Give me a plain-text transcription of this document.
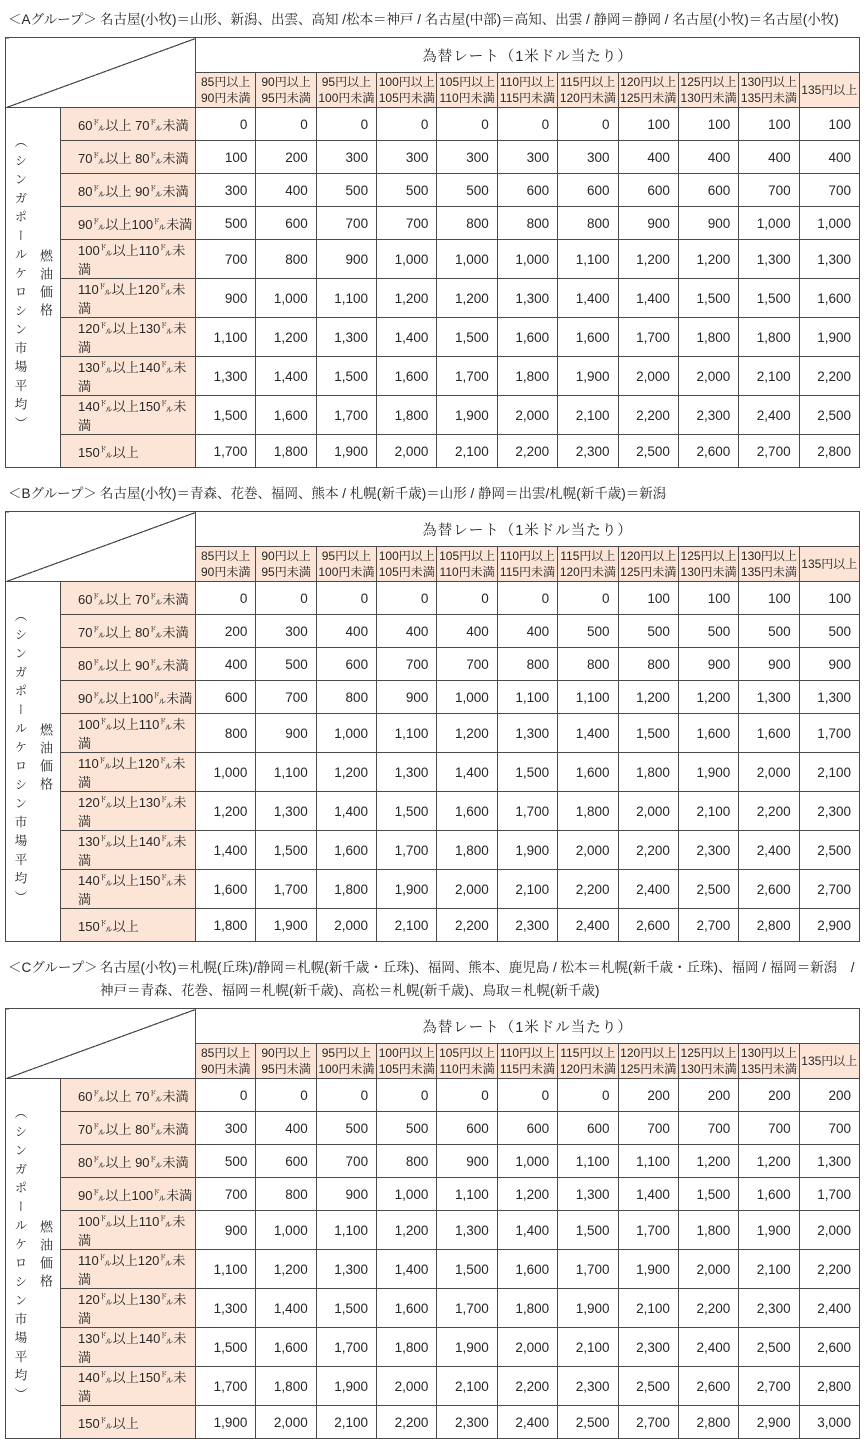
＜Aグループ＞ 名古屋(小牧)＝山形、新潟、出雲、高知 /松本＝神戸 / 名古屋(中部)＝高知、出雲 / 静岡＝静岡 / 名古屋(小牧)＝名古屋(小牧)

		為替レート（1米ドル当たり）										

85円以上
90円未満

90円以上
95円未満

95円以上
100円未満

100円以上
105円未満

105円以上
110円未満

110円以上
115円未満

115円以上
120円未満

120円以上
125円未満

125円以上
130円未満

130円以上
135円未満

135円以上

燃油価格
（シンガポールケロシン市場平均）	60㌦以上 70㌦未満	0	0	0	0	0	0	0	100	100	100	100
	70㌦以上 80㌦未満	100	200	300	300	300	300	300	400	400	400	400
	80㌦以上 90㌦未満	300	400	500	500	500	600	600	600	600	700	700
	90㌦以上100㌦未満	500	600	700	700	800	800	800	900	900	1,000	1,000
	100㌦以上110㌦未満	700	800	900	1,000	1,000	1,000	1,100	1,200	1,200	1,300	1,300
	110㌦以上120㌦未満	900	1,000	1,100	1,200	1,200	1,300	1,400	1,400	1,500	1,500	1,600
	120㌦以上130㌦未満	1,100	1,200	1,300	1,400	1,500	1,600	1,600	1,700	1,800	1,800	1,900
	130㌦以上140㌦未満	1,300	1,400	1,500	1,600	1,700	1,800	1,900	2,000	2,000	2,100	2,200
	140㌦以上150㌦未満	1,500	1,600	1,700	1,800	1,900	2,000	2,100	2,200	2,300	2,400	2,500
	150㌦以上	1,700	1,800	1,900	2,000	2,100	2,200	2,300	2,500	2,600	2,700	2,800

＜Bグループ＞ 名古屋(小牧)＝青森、花巻、福岡、熊本 / 札幌(新千歳)＝山形 / 静岡＝出雲/札幌(新千歳)＝新潟

		為替レート（1米ドル当たり）										

85円以上
90円未満

90円以上
95円未満

95円以上
100円未満

100円以上
105円未満

105円以上
110円未満

110円以上
115円未満

115円以上
120円未満

120円以上
125円未満

125円以上
130円未満

130円以上
135円未満

135円以上

燃油価格
（シンガポールケロシン市場平均）	60㌦以上 70㌦未満	0	0	0	0	0	0	0	100	100	100	100
	70㌦以上 80㌦未満	200	300	400	400	400	400	500	500	500	500	500
	80㌦以上 90㌦未満	400	500	600	700	700	800	800	800	900	900	900
	90㌦以上100㌦未満	600	700	800	900	1,000	1,100	1,100	1,200	1,200	1,300	1,300
	100㌦以上110㌦未満	800	900	1,000	1,100	1,200	1,300	1,400	1,500	1,600	1,600	1,700
	110㌦以上120㌦未満	1,000	1,100	1,200	1,300	1,400	1,500	1,600	1,800	1,900	2,000	2,100
	120㌦以上130㌦未満	1,200	1,300	1,400	1,500	1,600	1,700	1,800	2,000	2,100	2,200	2,300
	130㌦以上140㌦未満	1,400	1,500	1,600	1,700	1,800	1,900	2,000	2,200	2,300	2,400	2,500
	140㌦以上150㌦未満	1,600	1,700	1,800	1,900	2,000	2,100	2,200	2,400	2,500	2,600	2,700
	150㌦以上	1,800	1,900	2,000	2,100	2,200	2,300	2,400	2,600	2,700	2,800	2,900

＜Cグループ＞ 名古屋(小牧)＝札幌(丘珠)/静岡＝札幌(新千歳・丘珠)、福岡、熊本、鹿児島 / 松本＝札幌(新千歳・丘珠)、福岡 / 福岡＝新潟　/
神戸＝青森、花巻、福岡＝札幌(新千歳)、高松＝札幌(新千歳)、鳥取＝札幌(新千歳)

		為替レート（1米ドル当たり）										

85円以上
90円未満

90円以上
95円未満

95円以上
100円未満

100円以上
105円未満

105円以上
110円未満

110円以上
115円未満

115円以上
120円未満

120円以上
125円未満

125円以上
130円未満

130円以上
135円未満

135円以上

燃油価格
（シンガポールケロシン市場平均）	60㌦以上 70㌦未満	0	0	0	0	0	0	0	200	200	200	200
	70㌦以上 80㌦未満	300	400	500	500	600	600	600	700	700	700	700
	80㌦以上 90㌦未満	500	600	700	800	900	1,000	1,100	1,100	1,200	1,200	1,300
	90㌦以上100㌦未満	700	800	900	1,000	1,100	1,200	1,300	1,400	1,500	1,600	1,700
	100㌦以上110㌦未満	900	1,000	1,100	1,200	1,300	1,400	1,500	1,700	1,800	1,900	2,000
	110㌦以上120㌦未満	1,100	1,200	1,300	1,400	1,500	1,600	1,700	1,900	2,000	2,100	2,200
	120㌦以上130㌦未満	1,300	1,400	1,500	1,600	1,700	1,800	1,900	2,100	2,200	2,300	2,400
	130㌦以上140㌦未満	1,500	1,600	1,700	1,800	1,900	2,000	2,100	2,300	2,400	2,500	2,600
	140㌦以上150㌦未満	1,700	1,800	1,900	2,000	2,100	2,200	2,300	2,500	2,600	2,700	2,800
	150㌦以上	1,900	2,000	2,100	2,200	2,300	2,400	2,500	2,700	2,800	2,900	3,000
